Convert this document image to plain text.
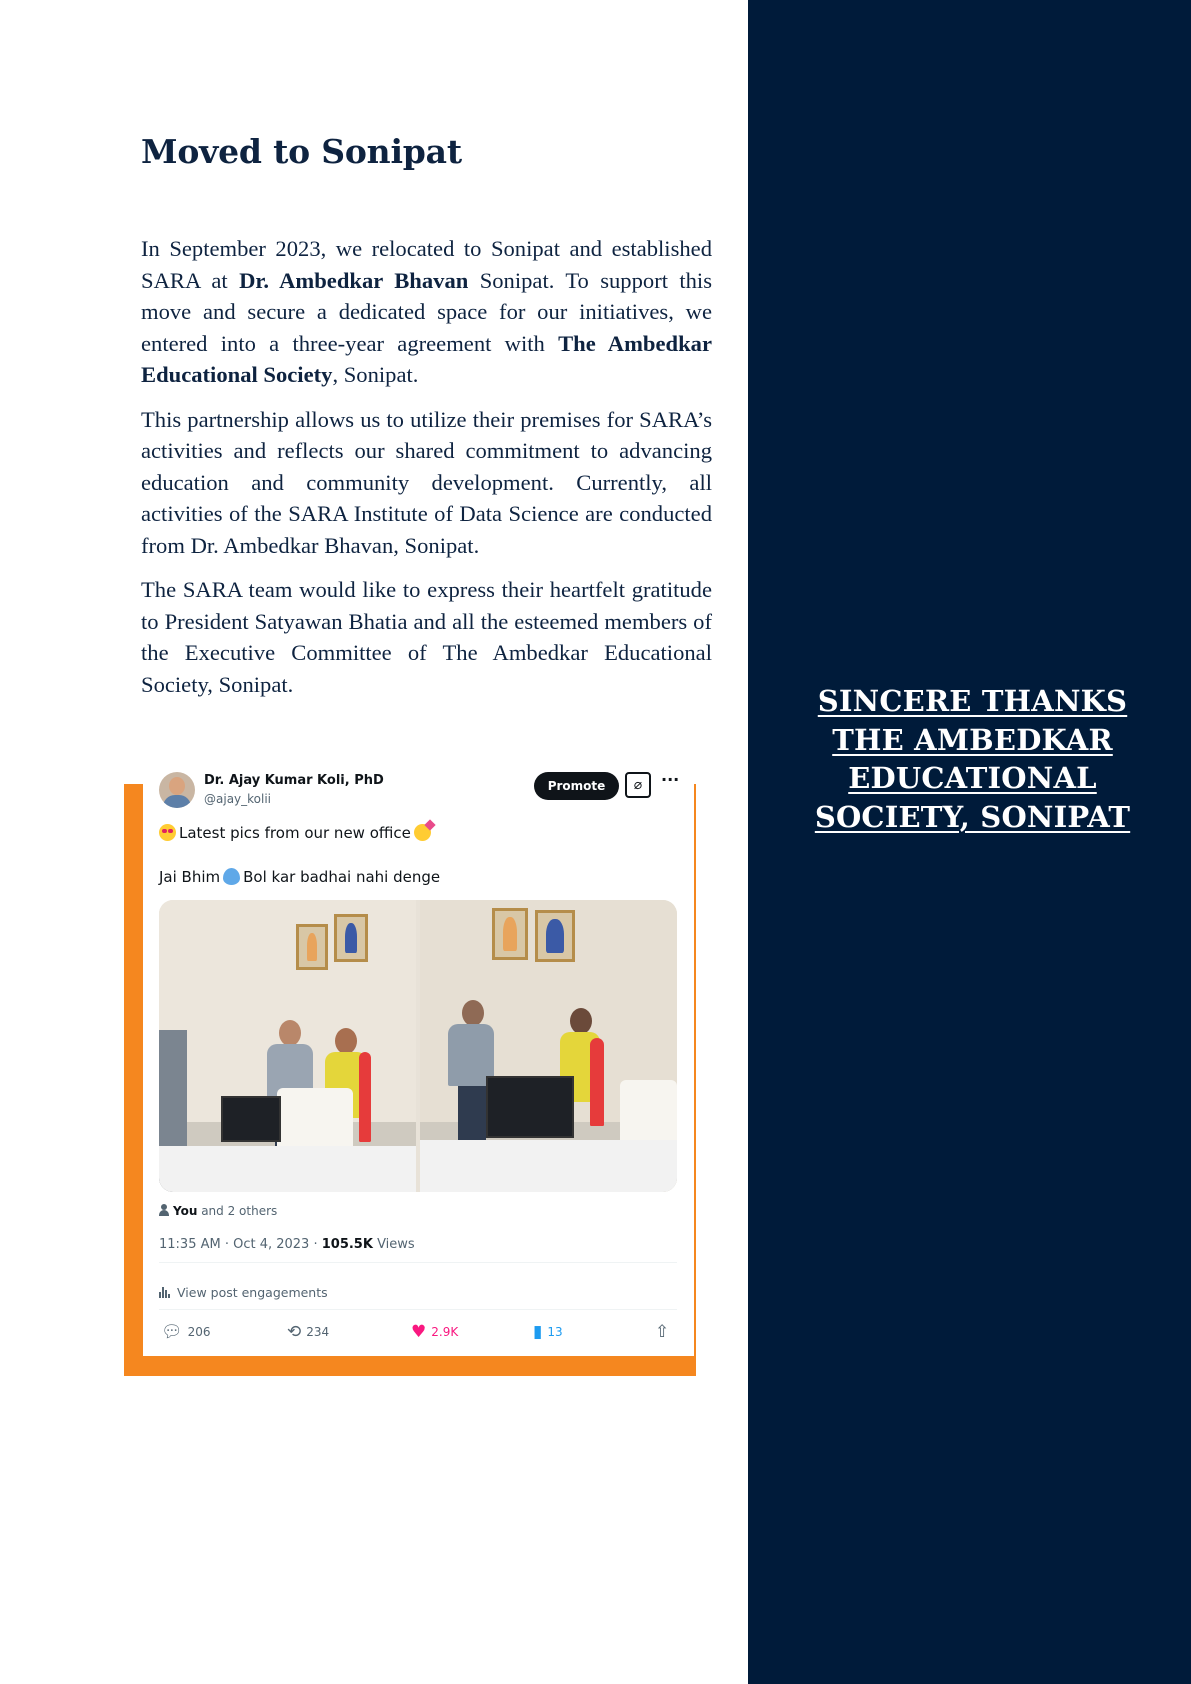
SINCERE THANKS THE AMBEDKAR EDUCATIONAL SOCIETY, SONIPAT
Moved to Sonipat

In September 2023, we relocated to Sonipat and established SARA at Dr. Ambedkar Bhavan Sonipat. To support this move and secure a dedicated space for our initiatives, we entered into a three-year agreement with The Ambedkar Educational Society, Sonipat.

This partnership allows us to utilize their premises for SARA’s activities and reflects our shared commitment to advancing education and community development. Currently, all activities of the SARA Institute of Data Science are conducted from Dr. Ambedkar Bhavan, Sonipat.

The SARA team would like to express their heartfelt gratitude to President Satyawan Bhatia and all the esteemed members of the Executive Committee of The Ambedkar Educational Society, Sonipat.

Dr. Ajay Kumar Koli, PhD
@ajay_kolii
Promote	⌀	···
Latest pics from our new office
Jai Bhim Bol kar badhai nahi denge
You and 2 others
11:35 AM · Oct 4, 2023 · 105.5K Views
View post engagements
💬︎ 206	⟲ 234	♥ 2.9K	▮ 13	⇧
